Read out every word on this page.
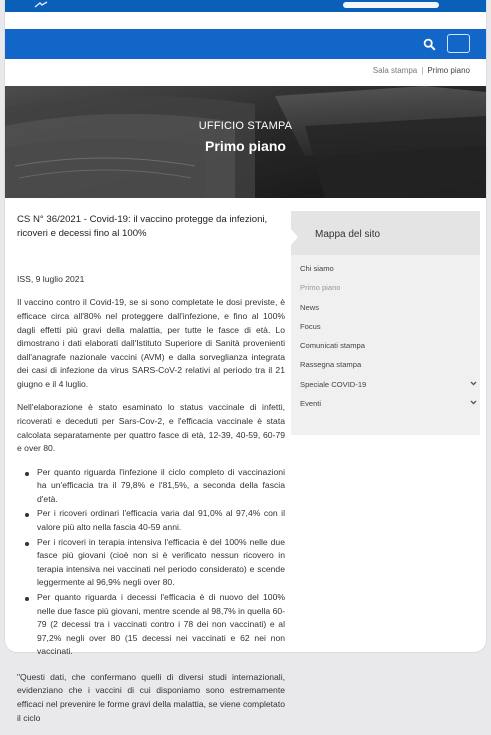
Sala stampa | Primo piano
UFFICIO STAMPA
Primo piano
CS N° 36/2021 - Covid-19: il vaccino protegge da infezioni, ricoveri e decessi fino al 100%

ISS, 9 luglio 2021

Il vaccino contro il Covid-19, se si sono completate le dosi previste, è efficace circa all'80% nel proteggere dall'infezione, e fino al 100% dagli effetti più gravi della malattia, per tutte le fasce di età. Lo dimostrano i dati elaborati dall'Istituto Superiore di Sanità provenienti dall'anagrafe nazionale vaccini (AVM) e dalla sorveglianza integrata dei casi di infezione da virus SARS-CoV-2 relativi al periodo tra il 21 giugno e il 4 luglio.

Nell'elaborazione è stato esaminato lo status vaccinale di infetti, ricoverati e deceduti per Sars-Cov-2, e l'efficacia vaccinale è stata calcolata separatamente per quattro fasce di età, 12-39, 40-59, 60-79 e over 80.

Per quanto riguarda l'infezione il ciclo completo di vaccinazioni ha un'efficacia tra il 79,8% e l'81,5%, a seconda della fascia d'età.
Per i ricoveri ordinari l'efficacia varia dal 91,0% al 97,4% con il valore più alto nella fascia 40-59 anni.
Per i ricoveri in terapia intensiva l'efficacia è del 100% nelle due fasce più giovani (cioè non si è verificato nessun ricovero in terapia intensiva nei vaccinati nel periodo considerato) e scende leggermente al 96,9% negli over 80.
Per quanto riguarda i decessi l'efficacia è di nuovo del 100% nelle due fasce più giovani, mentre scende al 98,7% in quella 60-79 (2 decessi tra i vaccinati contro i 78 dei non vaccinati) e al 97,2% negli over 80 (15 decessi nei vaccinati e 62 nei non vaccinati.

"Questi dati, che confermano quelli di diversi studi internazionali, evidenziano che i vaccini di cui disponiamo sono estremamente efficaci nel prevenire le forme gravi della malattia, se viene completato il ciclo

Mappa del sito
Chi siamo
Primo piano
News
Focus
Comunicati stampa
Rassegna stampa
Speciale COVID-19
Eventi
